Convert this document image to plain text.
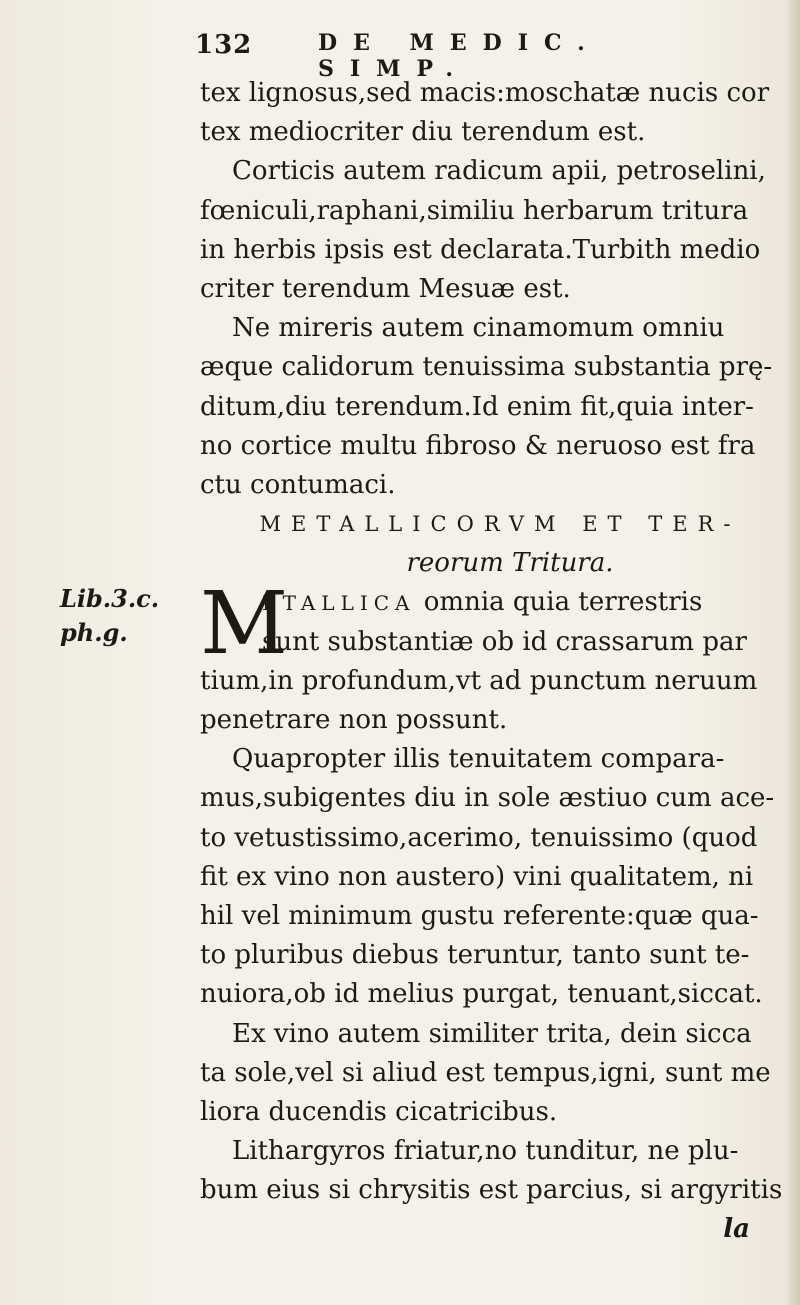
132	DE MEDIC. SIMP.
Lib.3.c.
ph.g.
tex lignosus,sed macis:moschatæ nucis cor
tex mediocriter diu terendum est.
Corticis autem radicum apii, petroselini,
fœniculi,raphani,similiu herbarum tritura
in herbis ipsis est declarata.Turbith medio
criter terendum Mesuæ est.
Ne mireris autem cinamomum omniu
æque calidorum tenuissima substantia prę-
ditum,diu terendum.Id enim fit,quia inter-
no cortice multu fibroso & neruoso est fra
ctu contumaci.
METALLICORVM ET TER-
reorum Tritura.
M
ETALLICA omnia quia terrestris
sunt substantiæ ob id crassarum par
tium,in profundum,vt ad punctum neruum
penetrare non possunt.
Quapropter illis tenuitatem compara-
mus,subigentes diu in sole æstiuo cum ace-
to vetustissimo,acerimo, tenuissimo (quod
fit ex vino non austero) vini qualitatem, ni
hil vel minimum gustu referente:quæ qua-
to pluribus diebus teruntur, tanto sunt te-
nuiora,ob id melius purgat, tenuant,siccat.
Ex vino autem similiter trita, dein sicca
ta sole,vel si aliud est tempus,igni, sunt me
liora ducendis cicatricibus.
Lithargyros friatur,no tunditur, ne plu-
bum eius si chrysitis est parcius, si argyritis
la
